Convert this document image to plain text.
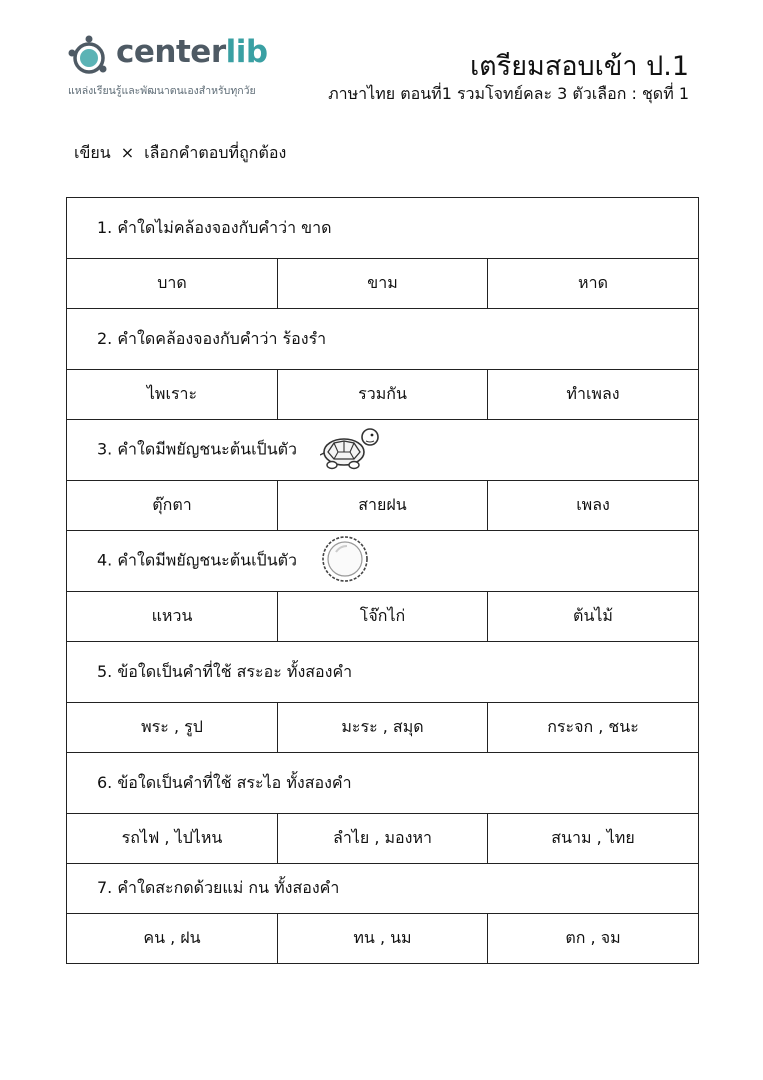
centerlib
แหล่งเรียนรู้และพัฒนาตนเองสำหรับทุกวัย
เตรียมสอบเข้า ป.1
ภาษาไทย ตอนที่1 รวมโจทย์คละ 3 ตัวเลือก : ชุดที่ 1
เขียน × เลือกคำตอบที่ถูกต้อง
1. คำใดไม่คล้องจองกับคำว่า ขาด		
บาด	ขาม	หาด
2. คำใดคล้องจองกับคำว่า ร้องรำ		
ไพเราะ	รวมกัน	ทำเพลง
3. คำใดมีพยัญชนะต้นเป็นตัว		
ตุ๊กตา	สายฝน	เพลง
4. คำใดมีพยัญชนะต้นเป็นตัว		
แหวน	โจ๊กไก่	ต้นไม้
5. ข้อใดเป็นคำที่ใช้ สระอะ ทั้งสองคำ		
พระ , รูป	มะระ , สมุด	กระจก , ชนะ
6. ข้อใดเป็นคำที่ใช้ สระไอ ทั้งสองคำ		
รถไฟ , ไปไหน	ลำไย , มองหา	สนาม , ไทย
7. คำใดสะกดด้วยแม่ กน ทั้งสองคำ		
คน , ฝน	ทน , นม	ตก , จม
